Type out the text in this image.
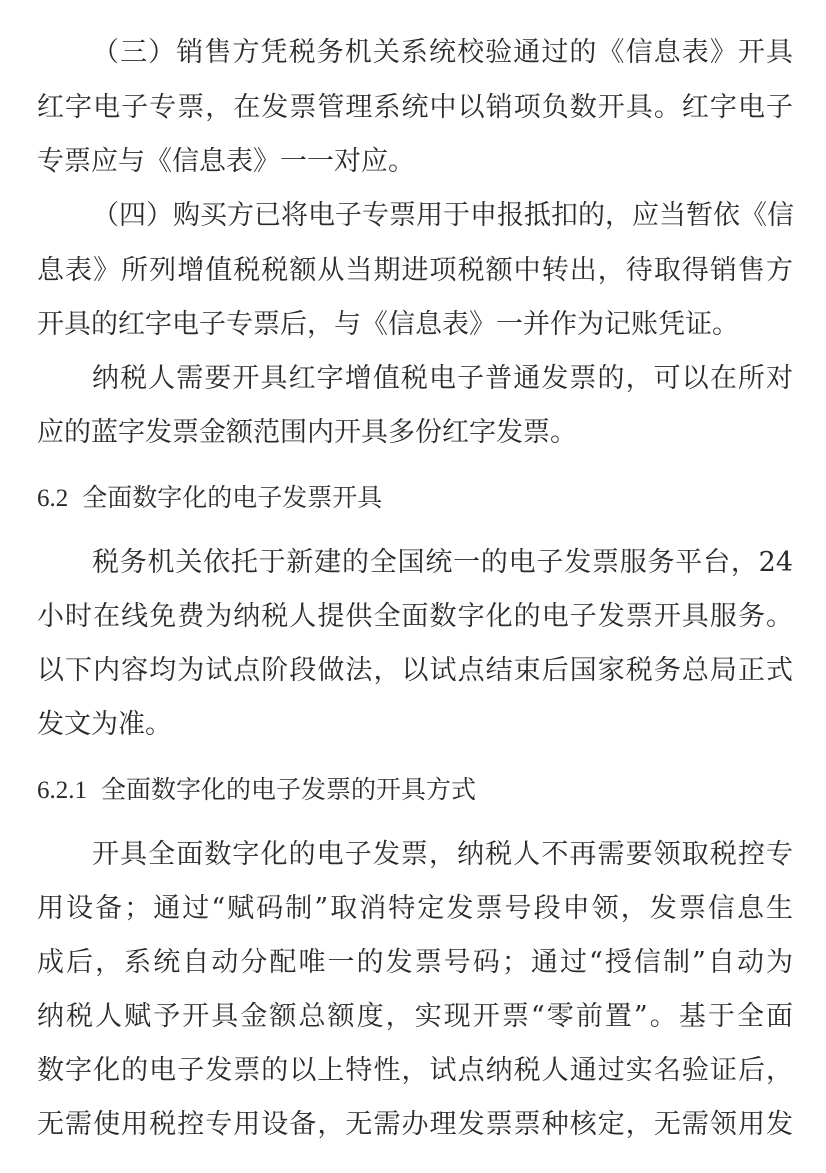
（三）销售方凭税务机关系统校验通过的《信息表》开具
红字电子专票，在发票管理系统中以销项负数开具。红字电子
专票应与《信息表》一一对应。
（四）购买方已将电子专票用于申报抵扣的，应当暂依《信
息表》所列增值税税额从当期进项税额中转出，待取得销售方
开具的红字电子专票后，与《信息表》一并作为记账凭证。
纳税人需要开具红字增值税电子普通发票的，可以在所对
应的蓝字发票金额范围内开具多份红字发票。
6.2 全面数字化的电子发票开具
税务机关依托于新建的全国统一的电子发票服务平台，24
小时在线免费为纳税人提供全面数字化的电子发票开具服务。
以下内容均为试点阶段做法，以试点结束后国家税务总局正式
发文为准。
6.2.1 全面数字化的电子发票的开具方式
开具全面数字化的电子发票，纳税人不再需要领取税控专
用设备；通过“赋码制”取消特定发票号段申领，发票信息生
成后，系统自动分配唯一的发票号码；通过“授信制”自动为
纳税人赋予开具金额总额度，实现开票“零前置”。基于全面
数字化的电子发票的以上特性，试点纳税人通过实名验证后，
无需使用税控专用设备，无需办理发票票种核定，无需领用发
